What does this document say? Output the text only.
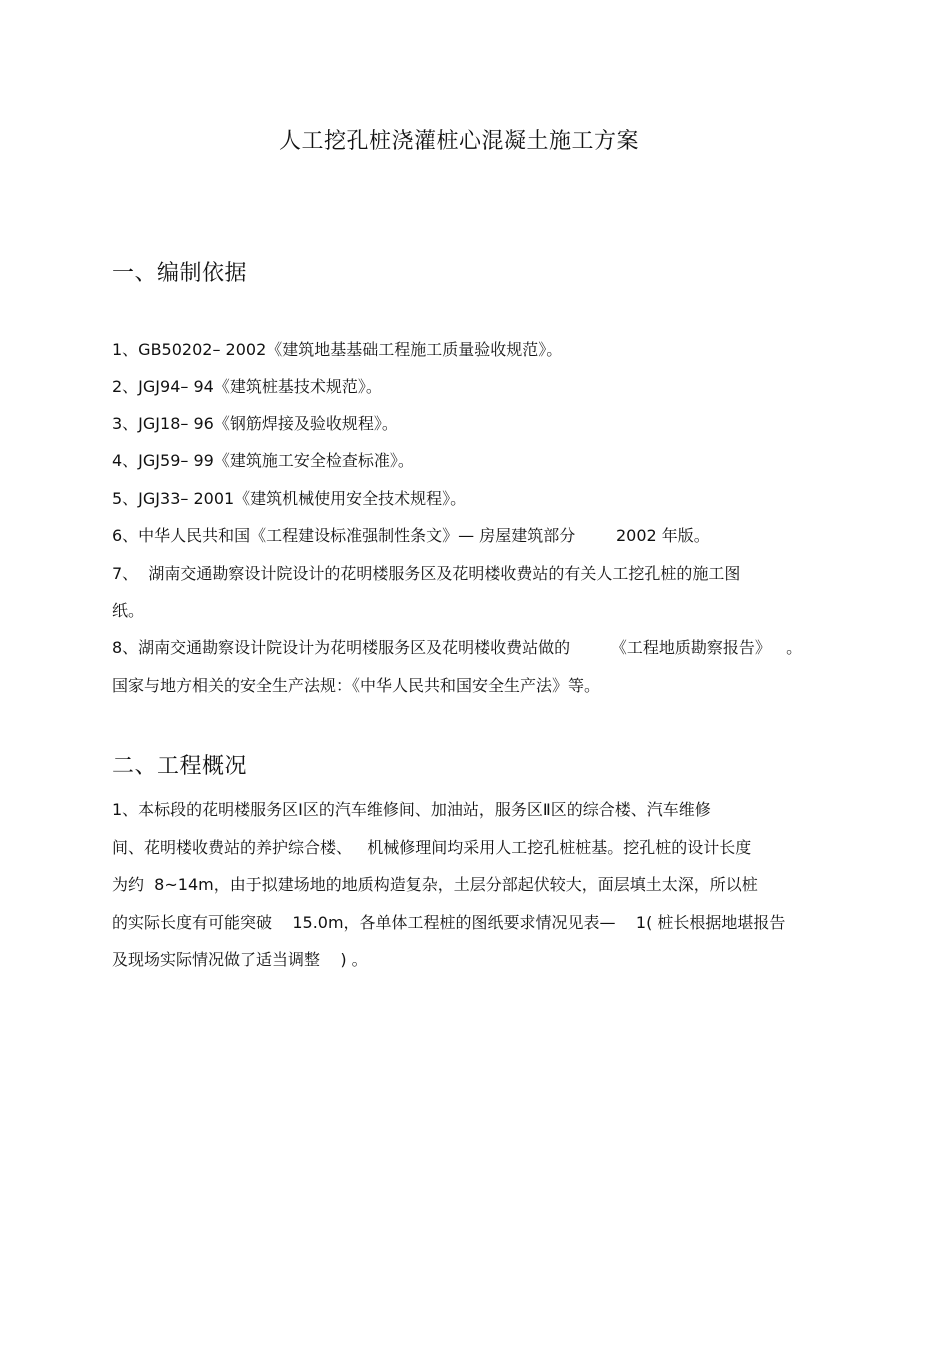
人工挖孔桩浇灌桩心混凝土施工方案
一、编制依据
1、GB50202– 2002《建筑地基基础工程施工质量验收规范》。
2、JGJ94– 94《建筑桩基技术规范》。
3、JGJ18– 96《钢筋焊接及验收规程》。
4、JGJ59– 99《建筑施工安全检查标准》。
5、JGJ33– 2001《建筑机械使用安全技术规程》。
6、中华人民共和国《工程建设标准强制性条文》— 房屋建筑部分        2002 年版。
7、  湖南交通勘察设计院设计的花明楼服务区及花明楼收费站的有关人工挖孔桩的施工图
纸。
8、湖南交通勘察设计院设计为花明楼服务区及花明楼收费站做的        《工程地质勘察报告》   。
国家与地方相关的安全生产法规：《中华人民共和国安全生产法》等。
二、工程概况
1、本标段的花明楼服务区Ⅰ区的汽车维修间、加油站，服务区Ⅱ区的综合楼、汽车维修
间、花明楼收费站的养护综合楼、   机械修理间均采用人工挖孔桩桩基。挖孔桩的设计长度
为约  8~14m，由于拟建场地的地质构造复杂，土层分部起伏较大，面层填土太深，所以桩
的实际长度有可能突破    15.0m，各单体工程桩的图纸要求情况见表—    1( 桩长根据地堪报告
及现场实际情况做了适当调整    ) 。
